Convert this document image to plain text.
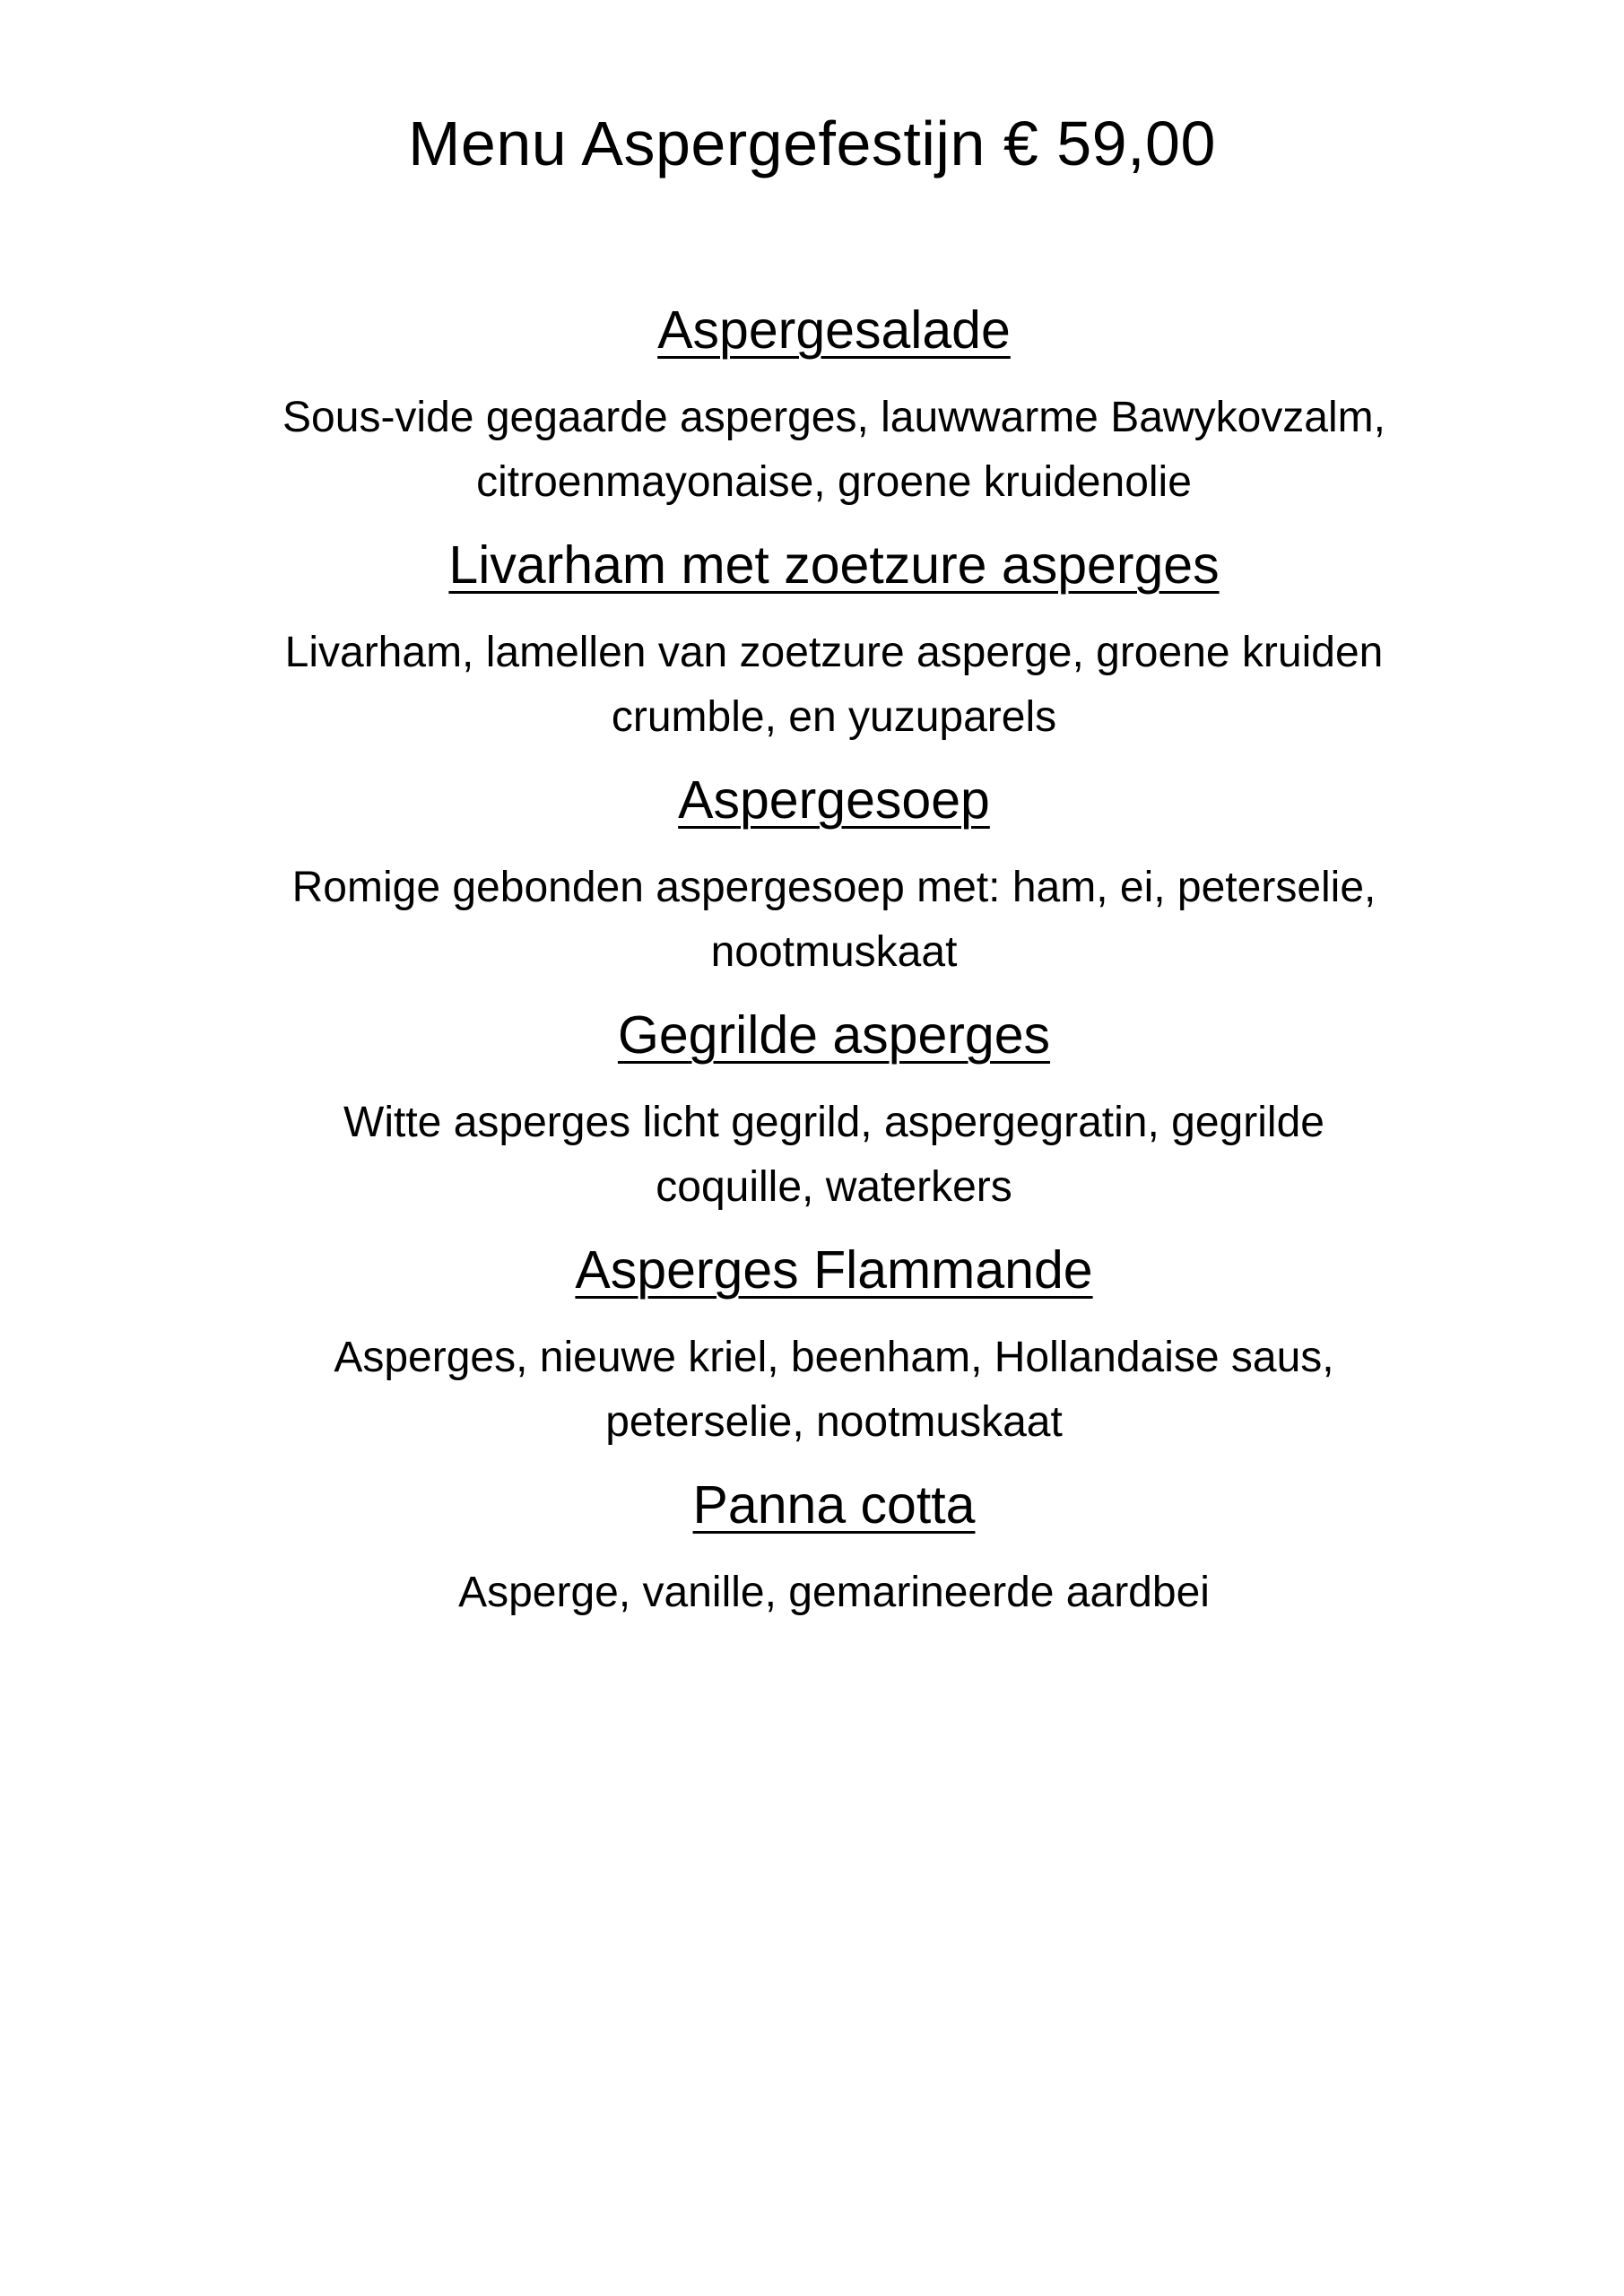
Menu Aspergefestijn € 59,00
Aspergesalade
Sous-vide gegaarde asperges, lauwwarme Bawykovzalm, citroenmayonaise, groene kruidenolie
Livarham met zoetzure asperges
Livarham, lamellen van zoetzure asperge, groene kruiden crumble, en yuzuparels
Aspergesoep
Romige gebonden aspergesoep met: ham, ei, peterselie, nootmuskaat
Gegrilde asperges
Witte asperges licht gegrild, aspergegratin, gegrilde coquille, waterkers
Asperges Flammande
Asperges, nieuwe kriel, beenham, Hollandaise saus, peterselie, nootmuskaat
Panna cotta
Asperge, vanille, gemarineerde aardbei
